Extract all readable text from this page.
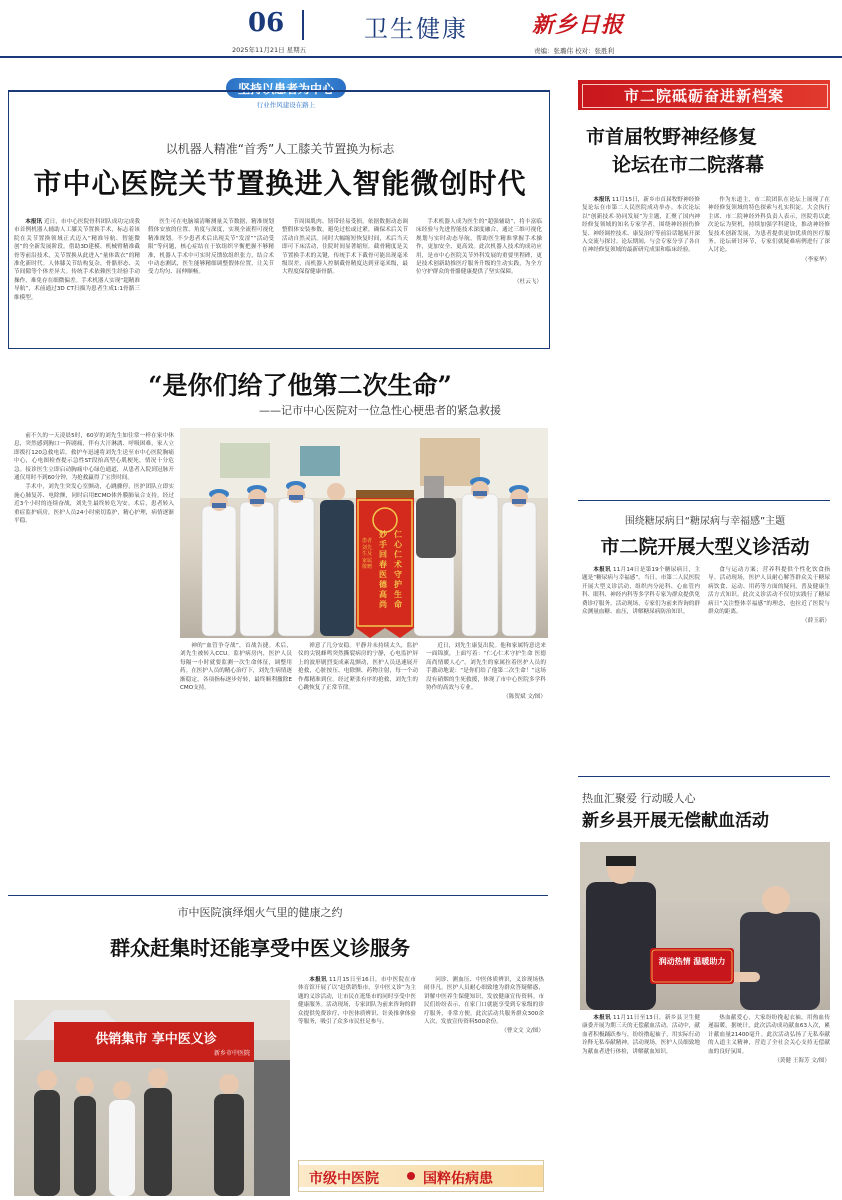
06	卫生健康	新乡日报
2025年11月21日 星期五	责编：张璐伟 校对：张胜利
坚持以患者为中心
行业作风建设在路上
以机器人精准“首秀”人工膝关节置换为标志
市中心医院关节置换进入智能微创时代

本报讯 近日，市中心医院骨科团队成功完成我市首例机器人辅助人工膝关节置换手术，标志着该院在关节置换领域正式迈入“精准导航、智能微创”的全新发展阶段。借助3D建模、机械臂精准截骨等前沿技术，关节置换从此进入“量体裁衣”的精准化新时代。人体膝关节结构复杂，骨骼形态、关节间隙等个体差异大。传统手术依赖医生经验手动操作，难免存在细微偏差。手术机器人实现“超精准导航”，术前通过3D CT扫描为患者生成1:1骨骼三维模型。

医生可在电脑端清晰测量关节数据，精准规划假体安放的位置、角度与深度，实现全流程可视化精准规划。不少患者术后出现关节“发涩”“活动受限”等问题，核心症结在于软组织平衡把握不够精准，机器人手术中可实时反馈软组织张力，结合术中动态测试，医生能够精细调整假体位置，让关节受力均匀、屈伸顺畅。

节周围肌肉、韧带轻易受损，依据数据动态调整假体安装参数，避免过松或过紧，确保术后关节活动自然灵活。同时大幅缩短恢复时间，术后当天即可下床活动，住院时间显著缩短。截骨精度是关节置换手术的关键，传统手术下截骨可能出现毫米级误差，而机器人控制截骨精度达到亚毫米级，最大程度保留健康骨骼。

手术机器人成为医生的“超强辅助”，将丰富临床经验与先进智能技术深度融合，通过三维可视化规划与实时动态导航，帮助医生精准掌握手术操作，更加安全、更高效。此次机器人技术的成功应用，是市中心医院关节外科发展的重要里程碑，更是技术创新助推医疗服务升级的生动实践，为全方位守护群众的骨骼健康提供了坚实保障。

（杜云飞）
“是你们给了他第二次生命”
——记市中心医院对一位急性心梗患者的紧急救援

前不久的一天凌晨5时，60岁的刘先生如往常一样在家中休息，突然感到胸口一阵剧痛，伴有大汗淋漓、呼吸困难，家人立即拨打120急救电话。救护车迅速将刘先生送至市中心医院胸痛中心，心电图检查提示急性ST段抬高型心肌梗死，情况十分危急。接诊医生立即启动胸痛中心绿色通道，从患者入院到冠脉开通仅用时不到60分钟，为抢救赢得了宝贵时间。

手术中，刘先生突发心室颤动，心跳骤停，医护团队立即实施心肺复苏、电除颤，同时启用ECMO体外膜肺氧合支持。经过近3个小时的连续奋战，刘先生最终转危为安。术后，患者转入重症监护病房，医护人员24小时密切监护，精心护理，病情逐渐平稳。

仁心仁术 守护生命
妙手回春 医德高尚
患者刘先生及家属敬赠

神的“血管争夺战”，首战告捷。术后，刘先生被转入CCU。监护病房内，医护人员每隔一小时就要监测一次生命体征，调整用药。在医护人员的精心治疗下，刘先生病情逐渐稳定，各项指标逐步好转，最终顺利撤除ECMO支持。

禅意了几分安稳。平静并未持续太久，监护仪的尖锐蜂鸣突然撕裂病房的宁静，心电监护屏上的波形剧烈变成紊乱颤动，医护人员迅速展开抢救，心脏按压、电除颤、药物注射，每一个动作都精准到位。经过紧张有序的抢救，刘先生的心跳恢复了正常节律。

近日，刘先生康复出院。他和家属特意送来一面锦旗，上面写着：“仁心仁术守护生命 医德高尚情暖人心”。刘先生的家属拉着医护人员的手激动地说：“是你们给了他第二次生命！”这场没有硝烟的生死救援，体现了市中心医院多学科协作的高效与专业。

（陈贺斌 文/图）
市中医院演绎烟火气里的健康之约
群众赶集时还能享受中医义诊服务
供销集市 享中医义诊
新乡市中医院

本报讯 11月15日至16日，市中医院在市体育馆开展了以“赶供销集市，享中医义诊”为主题的义诊活动，让市民在逛集市的同时享受中医健康服务。活动现场，专家团队为前来咨询的群众提供免费诊疗、中医体质辨识、针灸推拿体验等服务，吸引了众多市民驻足参与。

问诊、测血压、中医体质辨识，义诊现场热闹非凡。医护人员耐心细致地为群众答疑解惑，讲解中医养生保健知识，发放健康宣传资料。市民们纷纷表示，在家门口就能享受到专家级的诊疗服务，非常方便。此次活动共服务群众300余人次，发放宣传资料500余份。

（曹文文 文/图）
市级中医院	国粹佑病患
市二院砥砺奋进新档案
市首届牧野神经修复
论坛在市二院落幕

本报讯 11月15日，新乡市首届牧野神经修复论坛在市第二人民医院成功举办。本次论坛以“创新技术·协同发展”为主题，汇聚了国内神经修复领域的知名专家学者，围绕神经损伤修复、神经调控技术、康复治疗等前沿话题展开深入交流与探讨。论坛期间，与会专家分享了各自在神经修复领域的最新研究成果和临床经验。

作为东道主，市二院团队在论坛上展现了在神经修复领域的特色探索与扎实积淀。大会执行主席、市二院神经外科负责人表示，医院将以此次论坛为契机，持续加强学科建设，推动神经修复技术创新发展，为患者提供更加优质的医疗服务。论坛研讨环节，专家们就疑难病例进行了深入讨论。

（李家华）
围绕糖尿病日“糖尿病与幸福感”主题
市二院开展大型义诊活动

本报讯 11月14日是第19个糖尿病日，主题是“糖尿病与幸福感”。当日，市第二人民医院开展大型义诊活动，组织内分泌科、心血管内科、眼科、神经内科等多学科专家为群众提供免费诊疗服务。活动现场，专家们为前来咨询的群众测量血糖、血压，讲解糖尿病防治知识。

食与运动方案；营养科提供个性化饮食指导。活动现场，医护人员耐心解答群众关于糖尿病饮食、运动、用药等方面的疑问，普及健康生活方式知识。此次义诊活动不仅切实践行了糖尿病日“关注整体幸福感”的理念，也拉近了医院与群众的距离。

（薛玉新）
热血汇聚爱 行动暖人心
新乡县开展无偿献血活动
润动热情 温暖助力

本报讯 11月11日至13日，新乡县卫生健康委开展为期三天的无偿献血活动。活动中，献血者积极踊跃参与，纷纷撸起袖子，用实际行动诠释无私奉献精神。活动现场，医护人员细致地为献血者进行体检，讲解献血知识。

热血献爱心，大家纷纷挽起衣袖，用热血传递温暖。据统计，此次活动成功献血63人次，累计献血量21400毫升。此次活动弘扬了无私奉献的人道主义精神，营造了全社会关心支持无偿献血的良好氛围。

（黄健 王海芳 文/图）
